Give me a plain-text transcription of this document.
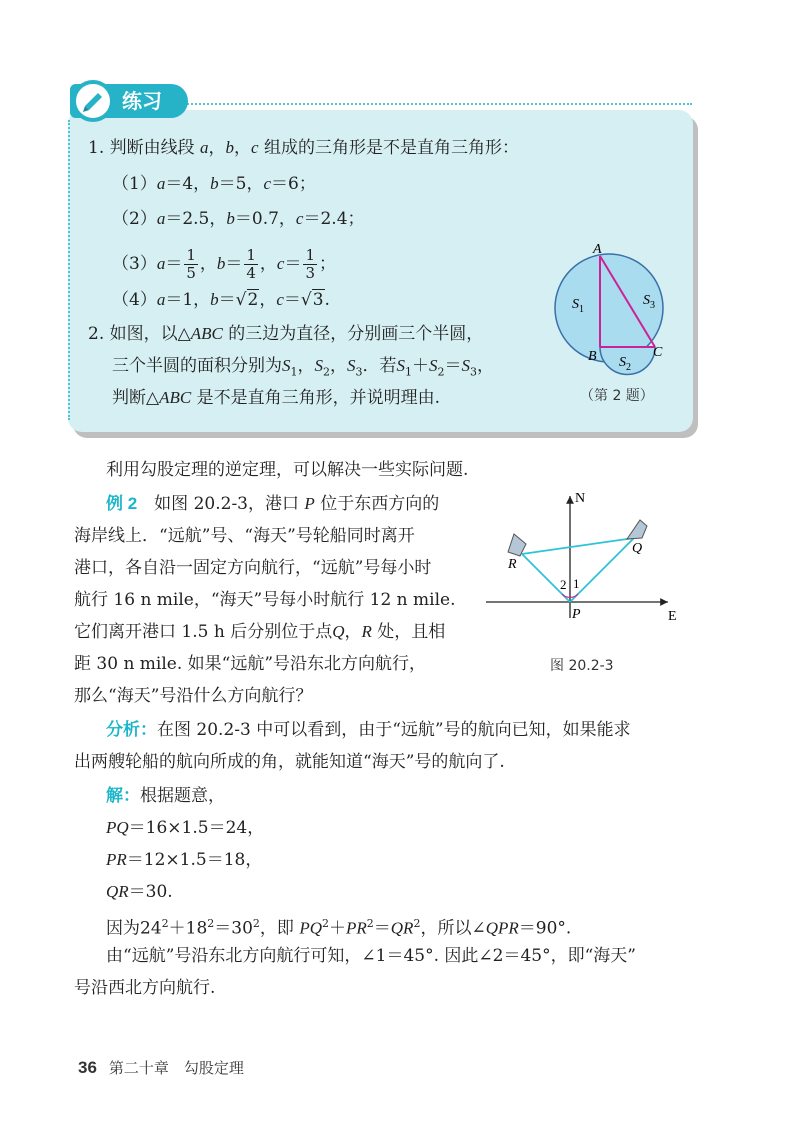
练习
1. 判断由线段 a，b，c 组成的三角形是不是直角三角形：
（1）a＝4，b＝5，c＝6；
（2）a＝2.5，b＝0.7，c＝2.4；
$(3)a= \frac{1}{5}$ ，$b= \frac{1}{4}$ ，$c= \frac{1}{3}$ ；
（4）a＝1，b＝√2，c＝√3.
2. 如图，以△ABC 的三边为直径，分别画三个半圆，
三个半圆的面积分别为$S_1$，$S_2$，$S_3$．若$S_1+S_2=S_3$，
判断△ABC 是不是直角三角形，并说明理由.
A
B	C
$S_1$
$S_2$
$S_3$
（第 2 题）
利用勾股定理的逆定理，可以解决一些实际问题.
例 2　如图 20.2-3，港口 P 位于东西方向的
海岸线上．“远航”号、“海天”号轮船同时离开
港口，各自沿一固定方向航行，“远航”号每小时
航行 16 n mile，“海天”号每小时航行 12 n mile.
它们离开港口 1.5 h 后分别位于点Q，R 处，且相
距 30 n mile. 如果“远航”号沿东北方向航行，
那么“海天”号沿什么方向航行？
N
E
Q
R
P
1
2
图 20.2-3
分析：在图 20.2-3 中可以看到，由于“远航”号的航向已知，如果能求
出两艘轮船的航向所成的角，就能知道“海天”号的航向了.
解：根据题意，
PQ＝16×1.5＝24，
PR＝12×1.5＝18，
QR＝30.
因为$24^2+18^2=30^2$，即 $PQ^2+PR^2=QR^2$，所以∠QPR＝90°.
由“远航”号沿东北方向航行可知，∠1＝45°. 因此∠2＝45°，即“海天”
号沿西北方向航行.
36 第二十章　勾股定理
